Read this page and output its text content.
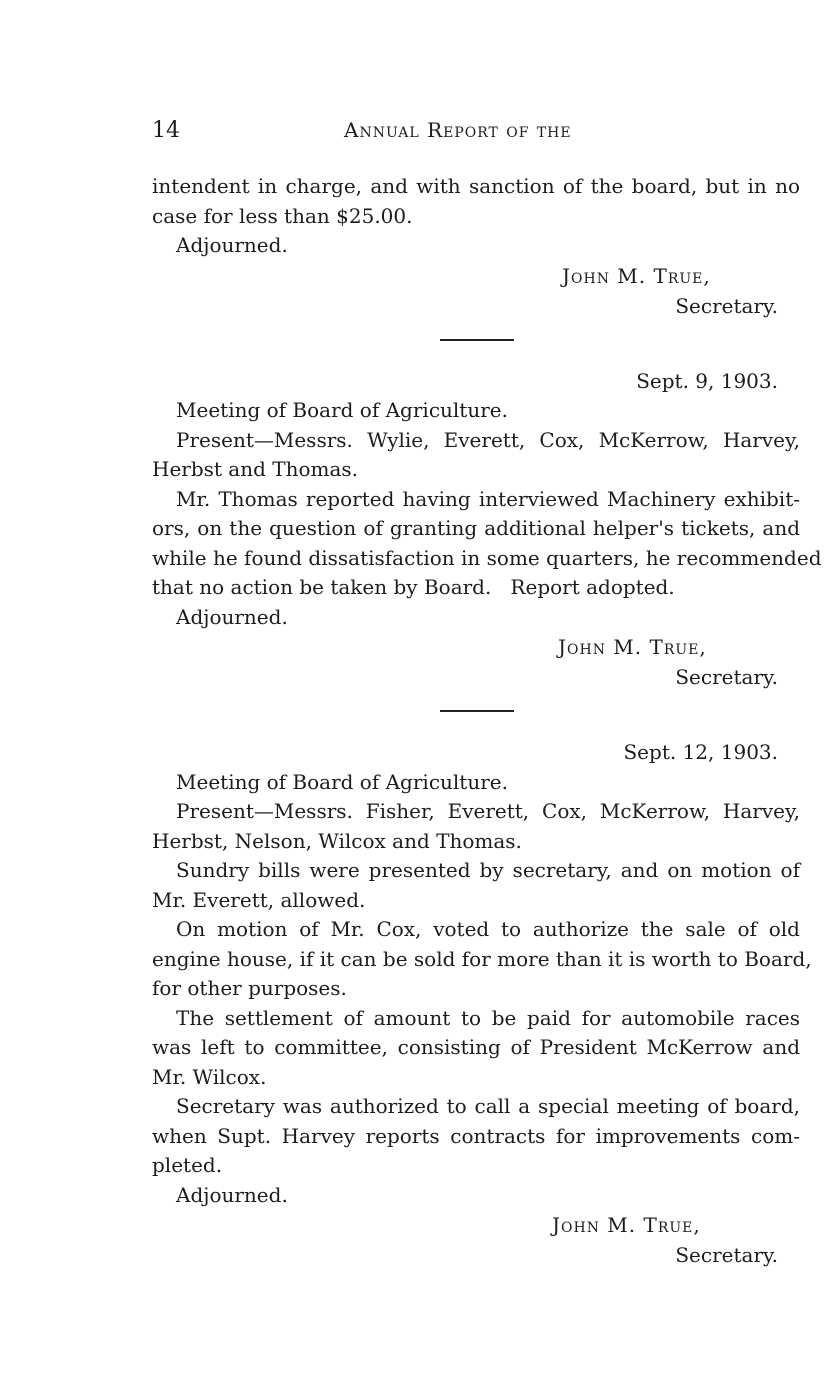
14	Annual Report of the
intendent in charge, and with sanction of the board, but in no
case for less than $25.00.
Adjourned.
John M. True,
Secretary.
Sept. 9, 1903.
Meeting of Board of Agriculture.
Present—Messrs. Wylie, Everett, Cox, McKerrow, Harvey,
Herbst and Thomas.
Mr. Thomas reported having interviewed Machinery exhibit-
ors, on the question of granting additional helper's tickets, and
while he found dissatisfaction in some quarters, he recommended
that no action be taken by Board.   Report adopted.
Adjourned.
John M. True,
Secretary.
Sept. 12, 1903.
Meeting of Board of Agriculture.
Present—Messrs. Fisher, Everett, Cox, McKerrow, Harvey,
Herbst, Nelson, Wilcox and Thomas.
Sundry bills were presented by secretary, and on motion of
Mr. Everett, allowed.
On motion of Mr. Cox, voted to authorize the sale of old
engine house, if it can be sold for more than it is worth to Board,
for other purposes.
The settlement of amount to be paid for automobile races
was left to committee, consisting of President McKerrow and
Mr. Wilcox.
Secretary was authorized to call a special meeting of board,
when Supt. Harvey reports contracts for improvements com-
pleted.
Adjourned.
John M. True,
Secretary.
